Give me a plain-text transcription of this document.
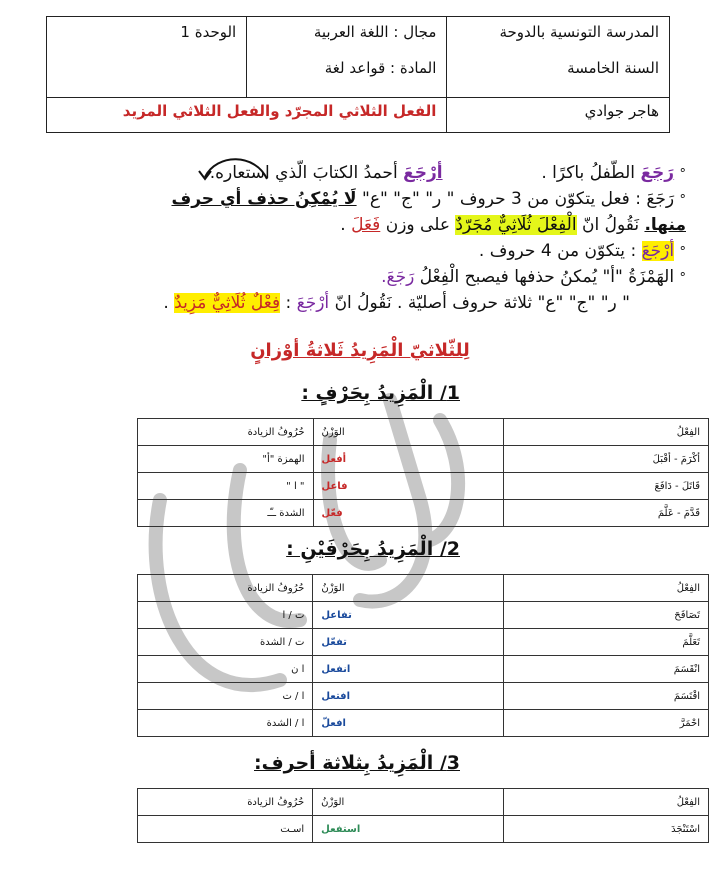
المدرسة التونسية بالدوحة
السنة الخامسة	مجال : اللغة العربية
المادة : قواعد لغة	الوحدة 1
هاجر جوادي	الفعل الثلاثي المجرّد والفعل الثلاثي المزيد	
° رَجَعَ الطّفلُ باكرًا .  أرْجَعَ أحمدُ الكتابَ الّذي استعاره.
° رَجَعَ : فعل يتكوّن من 3 حروف " ر" "ج" "ع" لَا يُمْكِنُ حذف أي حرف
منها. نَقُولُ انّ الْفِعْلَ ثُلَاثِيٌّ مُجَرّدٌ على وزن فَعَلَ .
° أرْجَعَ : يتكوّن من 4 حروف .
° الهَمْزَةُ "أ" يُمكنُ حذفها فيصبح الْفِعْلُ رَجَعَ.
" ر" "ج" "ع" ثلاثة حروف أصليّة . نَقُولُ انّ أرْجَعَ : فِعْلٌ ثُلَاثِيٌّ مَزِيدٌ .
لِلثّلاثيّ الْمَزِيدُ ثَلاثةُ أوْزانٍ
1/ الْمَزِيدُ بِحَرْفٍ :
الفِعْلُ	الوَزْنُ	حُرُوفُ الزيادة
أكْرَمَ - أقْبَلَ	أفعل	الهمزة "أ"
قَاتَلَ - دَافَعَ	فاعل	" ا "
قَدَّمَ - عَلَّمَ	فعّل	الشدة ــّـ
2/ الْمَزِيدُ بِحَرْفَيْنِ :
الفِعْلُ	الوَزْنُ	حُرُوفُ الزيادة
تَصَافَحَ	تفاعل	ت / ا
تَعَلَّمَ	تفعّل	ت / الشدة
انْقَسَمَ	انفعل	ا ن
اقْتَسَمَ	افتعل	ا / ت
احْمَرَّ	افعلّ	ا / الشدة
3/ الْمَزِيدُ بِثلاثة أحرف:
الفِعْلُ	الوَزْنُ	حُرُوفُ الزيادة
اسْتَنْجَدَ	استفعل	اسـت
